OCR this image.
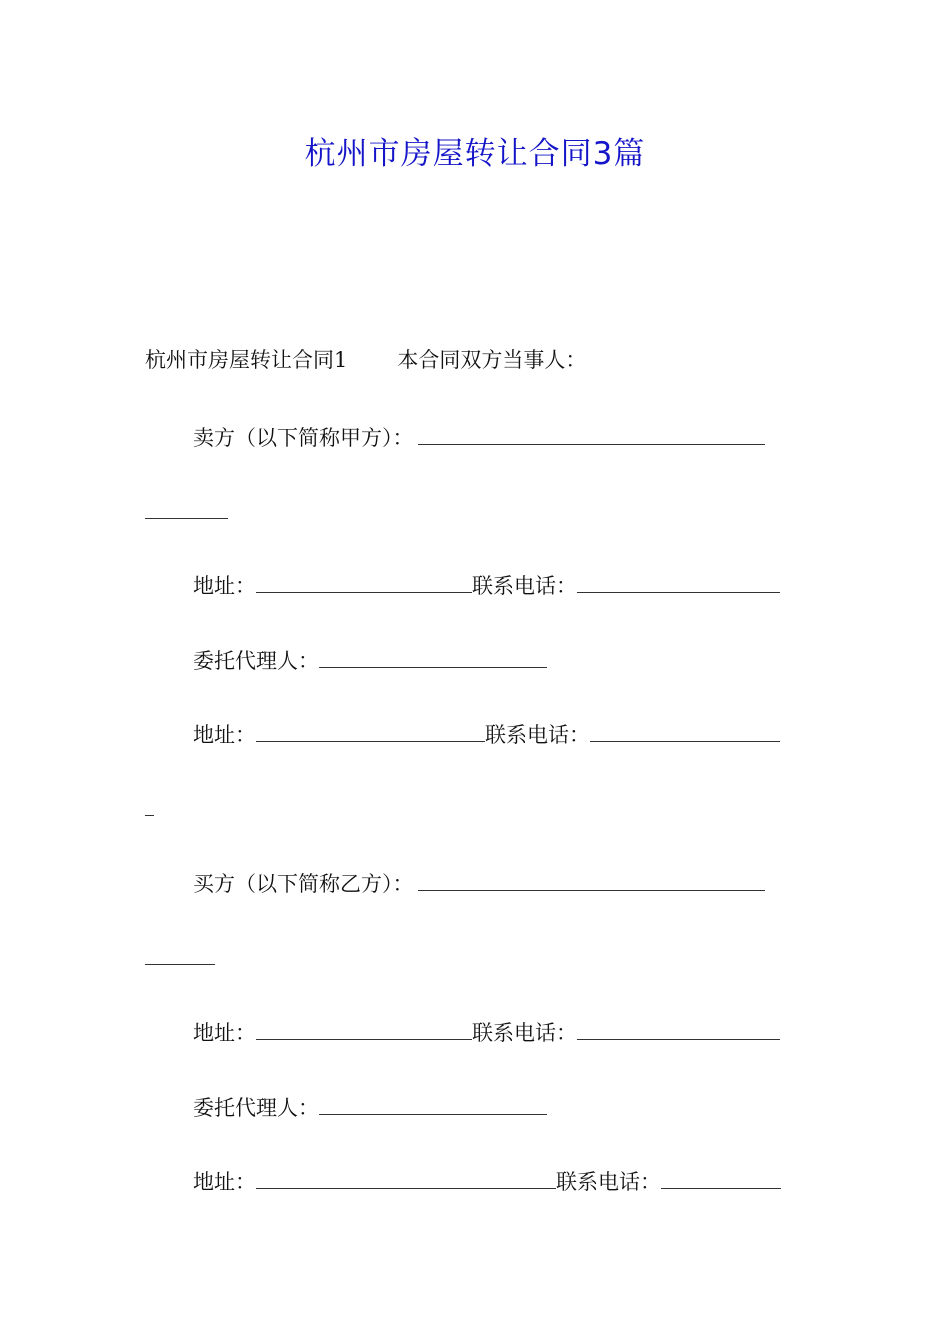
杭州市房屋转让合同3篇
杭州市房屋转让合同1 本合同双方当事人：
卖方（以下简称甲方）：
地址：	联系电话：
委托代理人：
地址：	联系电话：
买方（以下简称乙方）：
地址：	联系电话：
委托代理人：
地址：	联系电话：
